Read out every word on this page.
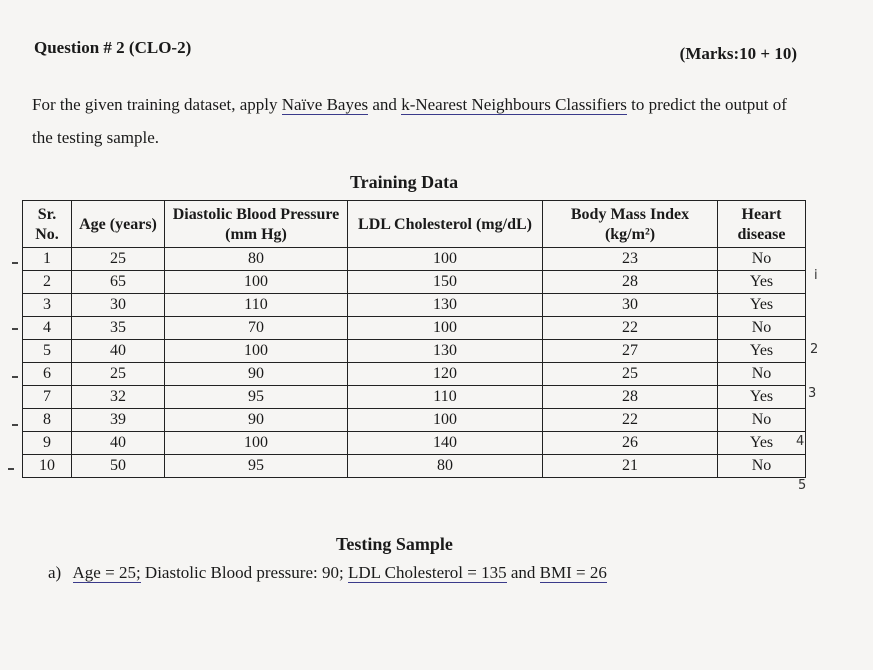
Question # 2 (CLO-2)	(Marks:10 + 10)
For the given training dataset, apply Naïve Bayes and k-Nearest Neighbours Classifiers to predict the output of the testing sample.
Training Data
Sr. No.	Age (years)	Diastolic Blood Pressure (mm Hg)	LDL Cholesterol (mg/dL)	Body Mass Index (kg/m²)	Heart disease
1	25	80	100	23	No
2	65	100	150	28	Yes
3	30	110	130	30	Yes
4	35	70	100	22	No
5	40	100	130	27	Yes
6	25	90	120	25	No
7	32	95	110	28	Yes
8	39	90	100	22	No
9	40	100	140	26	Yes
10	50	95	80	21	No
Testing Sample
a) Age = 25; Diastolic Blood pressure: 90; LDL Cholesterol = 135 and BMI = 26
i
2
3
4
5
